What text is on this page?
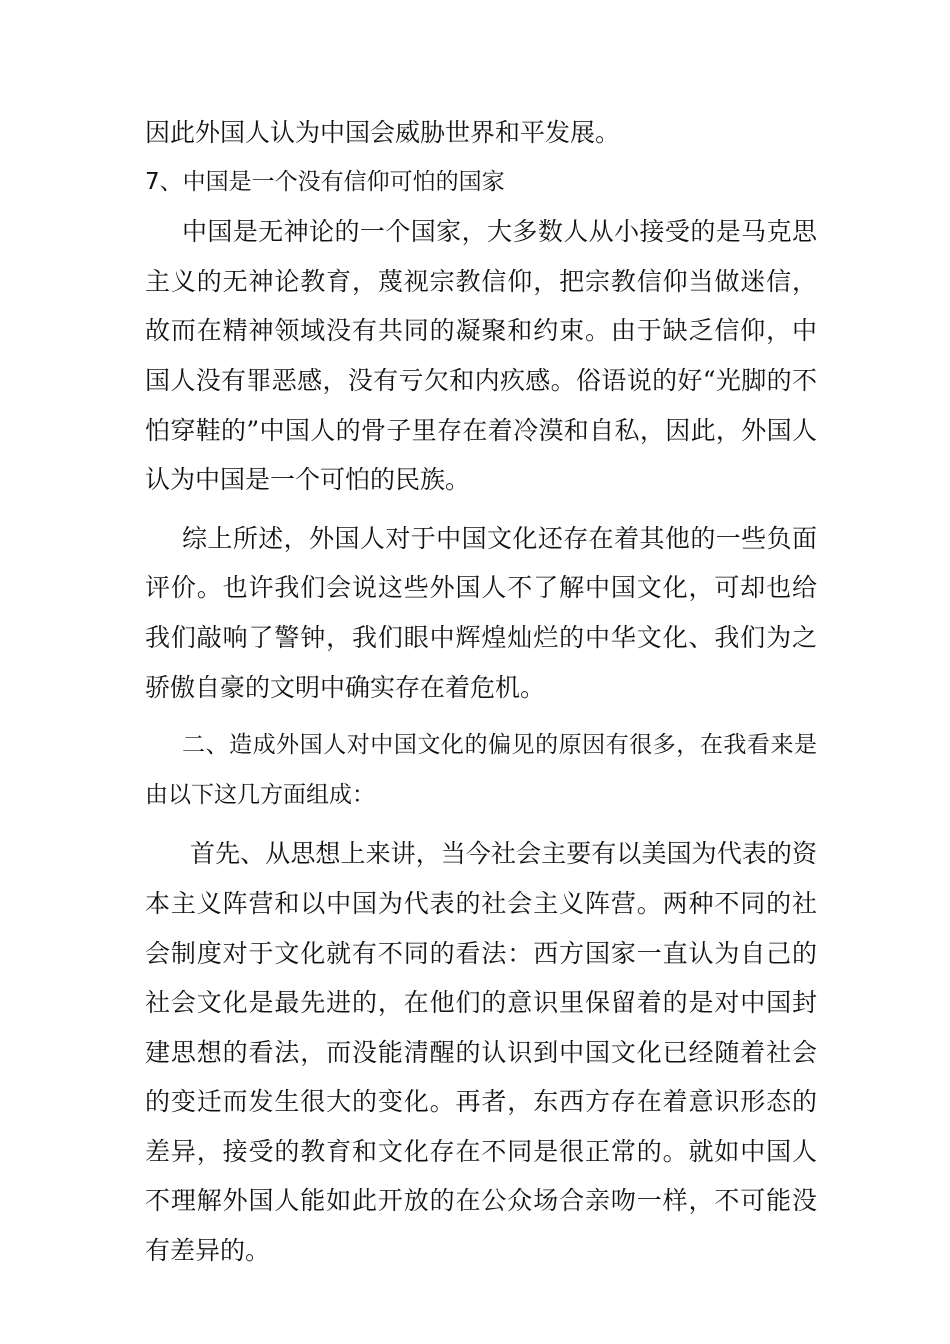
因此外国人认为中国会威胁世界和平发展。

7、中国是一个没有信仰可怕的国家

中国是无神论的一个国家，大多数人从小接受的是马克思主义的无神论教育，蔑视宗教信仰，把宗教信仰当做迷信，故而在精神领域没有共同的凝聚和约束。由于缺乏信仰，中国人没有罪恶感，没有亏欠和内疚感。俗语说的好“光脚的不怕穿鞋的”中国人的骨子里存在着冷漠和自私，因此，外国人认为中国是一个可怕的民族。

综上所述，外国人对于中国文化还存在着其他的一些负面评价。也许我们会说这些外国人不了解中国文化，可却也给我们敲响了警钟，我们眼中辉煌灿烂的中华文化、我们为之骄傲自豪的文明中确实存在着危机。

二、造成外国人对中国文化的偏见的原因有很多，在我看来是由以下这几方面组成：

首先、从思想上来讲，当今社会主要有以美国为代表的资本主义阵营和以中国为代表的社会主义阵营。两种不同的社会制度对于文化就有不同的看法：西方国家一直认为自己的社会文化是最先进的，在他们的意识里保留着的是对中国封建思想的看法，而没能清醒的认识到中国文化已经随着社会的变迁而发生很大的变化。再者，东西方存在着意识形态的差异，接受的教育和文化存在不同是很正常的。就如中国人不理解外国人能如此开放的在公众场合亲吻一样，不可能没有差异的。
